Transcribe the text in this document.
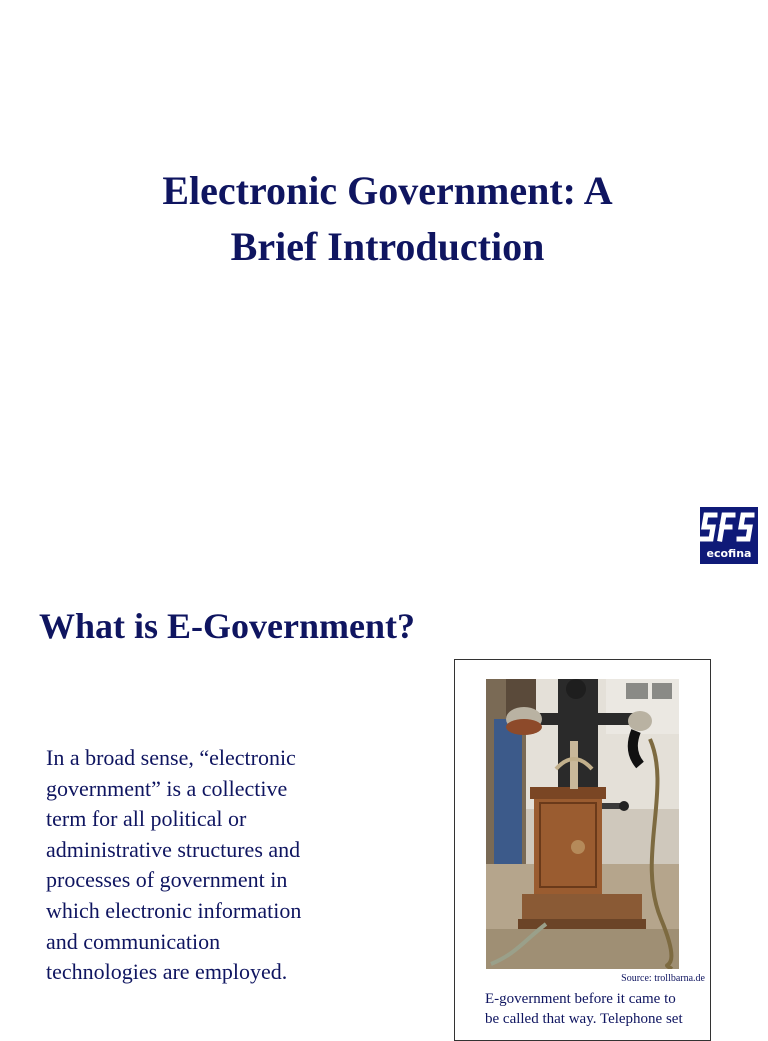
Electronic Government: A
Brief Introduction
ecofina
What is E-Government?
In a broad sense, “electronic
government” is a collective
term for all political or
administrative structures and
processes of government in
which electronic information
and communication
technologies are employed.	Source: trollbarna.de
E-government before it came to
be called that way. Telephone set
